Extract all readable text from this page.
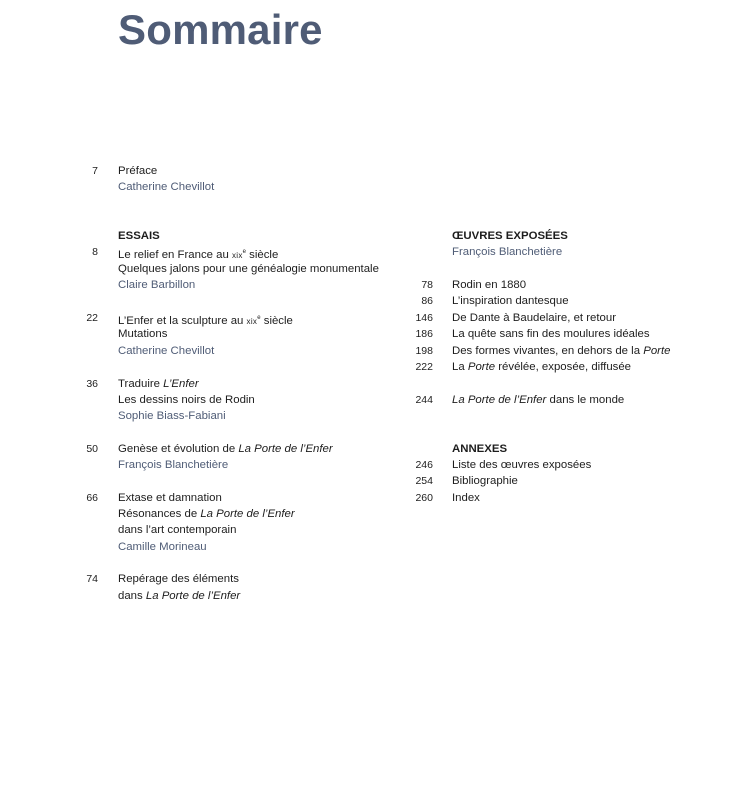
Sommaire
7 Préface
Catherine Chevillot
ESSAIS
8 Le relief en France au xix$^e$ siècle
Quelques jalons pour une généalogie monumentale
Claire Barbillon
22 L’Enfer et la sculpture au xix$^e$ siècle
Mutations
Catherine Chevillot
36 Traduire L’Enfer
Les dessins noirs de Rodin
Sophie Biass-Fabiani
50 Genèse et évolution de La Porte de l’Enfer
François Blanchetière
66 Extase et damnation
Résonances de La Porte de l’Enfer
dans l’art contemporain
Camille Morineau
74 Repérage des éléments
dans La Porte de l’Enfer
ŒUVRES EXPOSÉES
François Blanchetière
78 Rodin en 1880
86 L’inspiration dantesque
146 De Dante à Baudelaire, et retour
186 La quête sans fin des moulures idéales
198 Des formes vivantes, en dehors de la Porte
222 La Porte révélée, exposée, diffusée
244 La Porte de l’Enfer dans le monde
ANNEXES
246 Liste des œuvres exposées
254 Bibliographie
260 Index
